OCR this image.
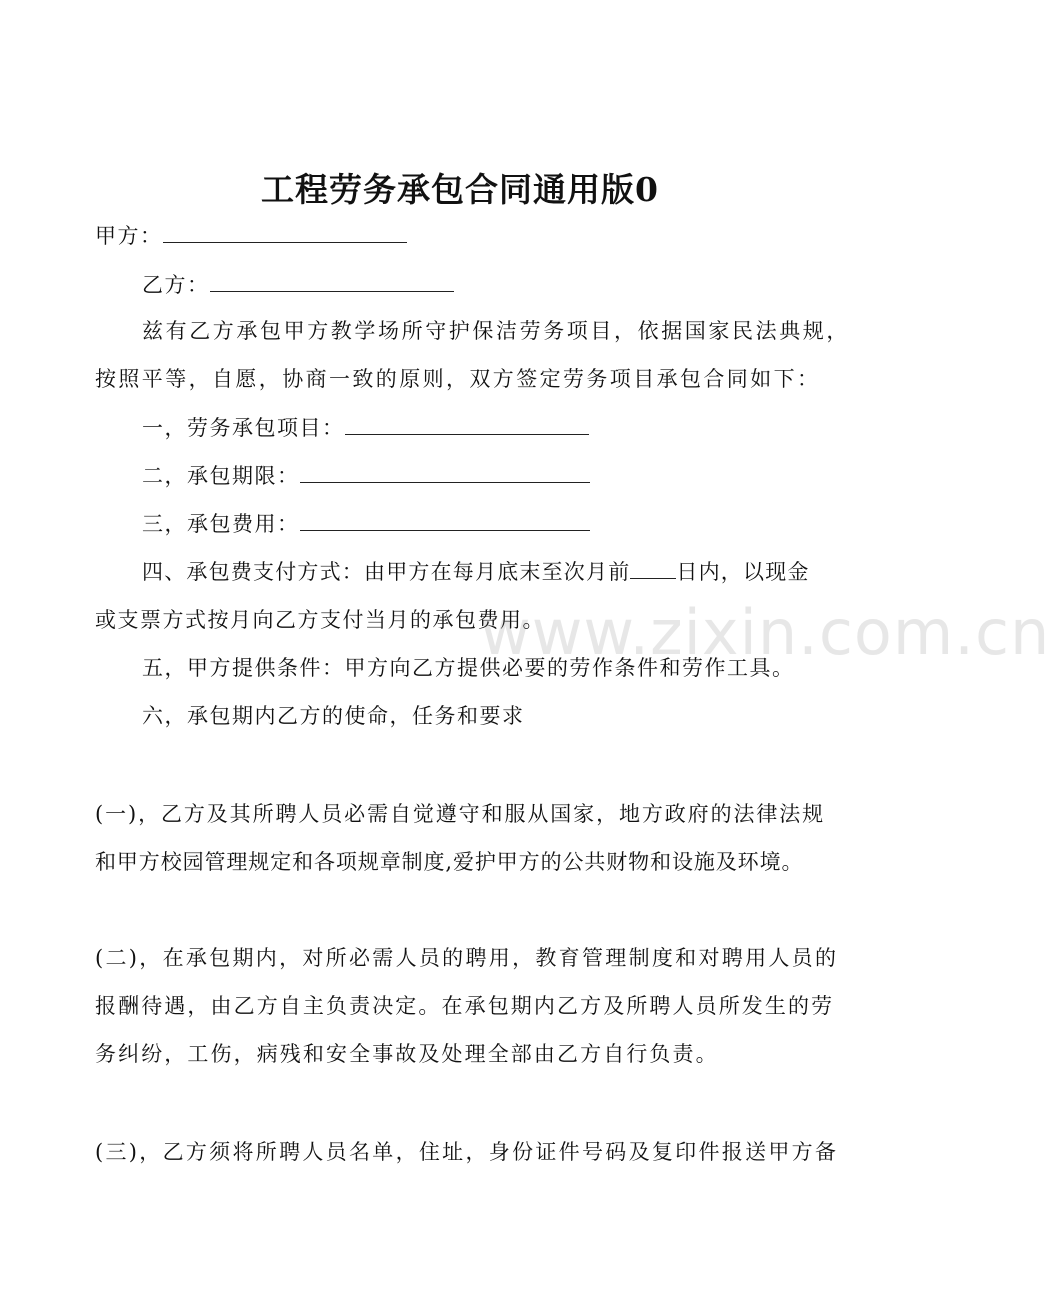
工程劳务承包合同通用版0
甲方：
乙方：
兹有乙方承包甲方教学场所守护保洁劳务项目，依据国家民法典规，
按照平等，自愿，协商一致的原则，双方签定劳务项目承包合同如下：
一，劳务承包项目：
二，承包期限：
三，承包费用：
四、承包费支付方式：由甲方在每月底末至次月前 日内，以现金
或支票方式按月向乙方支付当月的承包费用。
五，甲方提供条件：甲方向乙方提供必要的劳作条件和劳作工具。
六，承包期内乙方的使命，任务和要求
(一)，乙方及其所聘人员必需自觉遵守和服从国家，地方政府的法律法规
和甲方校园管理规定和各项规章制度,爱护甲方的公共财物和设施及环境。
(二)，在承包期内，对所必需人员的聘用，教育管理制度和对聘用人员的
报酬待遇，由乙方自主负责决定。在承包期内乙方及所聘人员所发生的劳
务纠纷，工伤，病残和安全事故及处理全部由乙方自行负责。
(三)，乙方须将所聘人员名单，住址，身份证件号码及复印件报送甲方备
www.zixin.com.cn
